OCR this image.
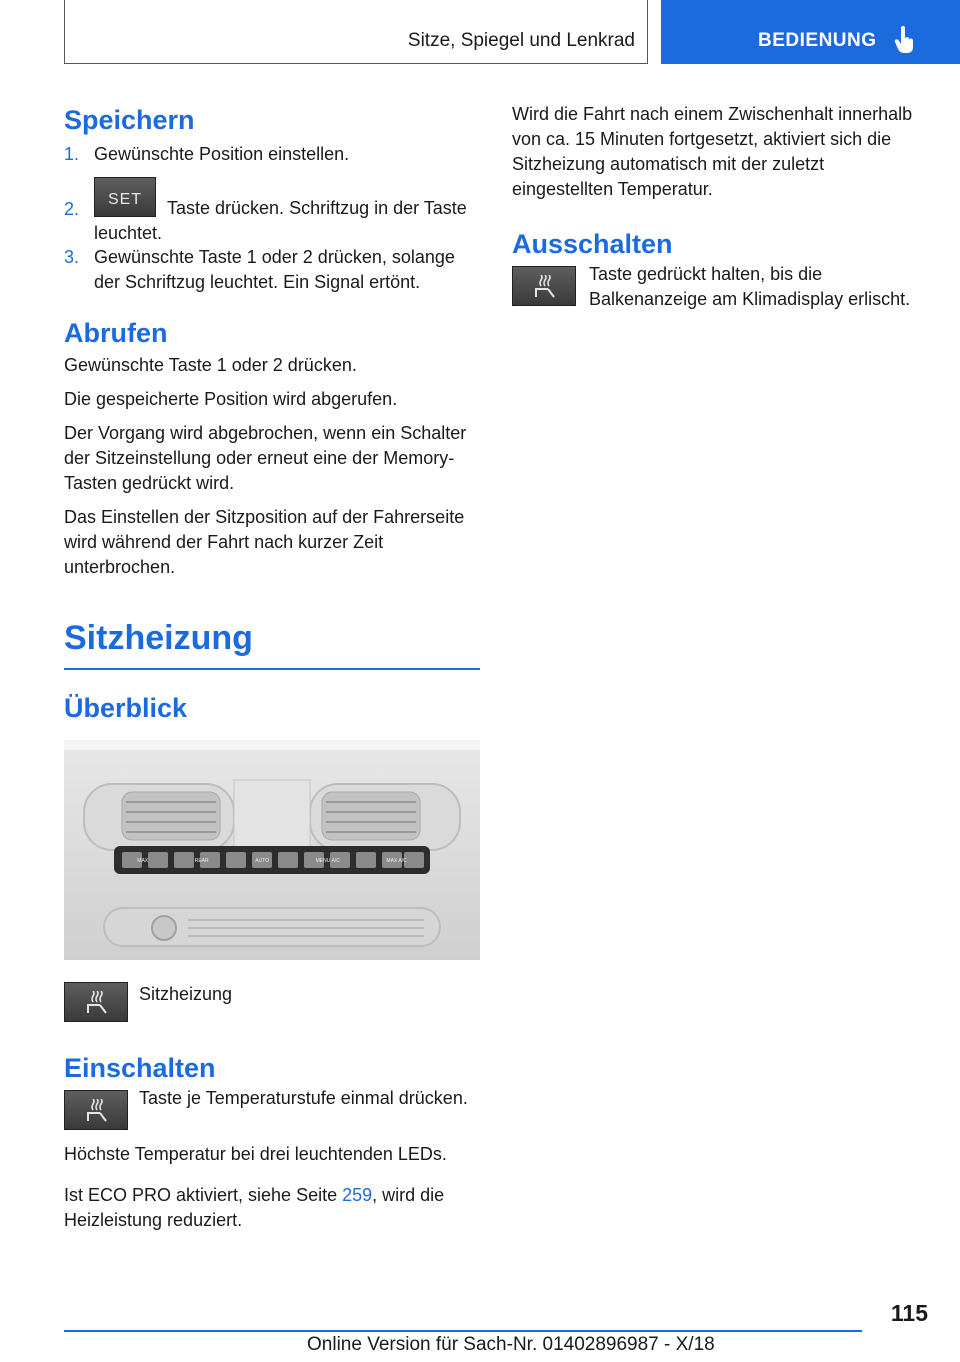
Sitze, Spiegel und Lenkrad	BEDIENUNG
Speichern
1. Gewünschte Position einstellen.
2.	SET	Taste drücken. Schriftzug in der Taste leuchtet.
3. Gewünschte Taste 1 oder 2 drücken, solange der Schriftzug leuchtet. Ein Signal ertönt.
Abrufen

Gewünschte Taste 1 oder 2 drücken.

Die gespeicherte Position wird abgerufen.

Der Vorgang wird abgebrochen, wenn ein Schalter der Sitzeinstellung oder erneut eine der Memory-Tasten gedrückt wird.

Das Einstellen der Sitzposition auf der Fahrerseite wird während der Fahrt nach kurzer Zeit unterbrochen.

Sitzheizung
Überblick
MAX	REAR	AUTO	MENU A/C	MAX A/C
Sitzheizung
Einschalten
Taste je Temperaturstufe einmal drücken.

Höchste Temperatur bei drei leuchtenden LEDs.

Ist ECO PRO aktiviert, siehe Seite 259, wird die Heizleistung reduziert.

Wird die Fahrt nach einem Zwischenhalt innerhalb von ca. 15 Minuten fortgesetzt, aktiviert sich die Sitzheizung automatisch mit der zuletzt eingestellten Temperatur.

Ausschalten
Taste gedrückt halten, bis die Balkenanzeige am Klimadisplay erlischt.
115
Online Version für Sach-Nr. 01402896987 - X/18
